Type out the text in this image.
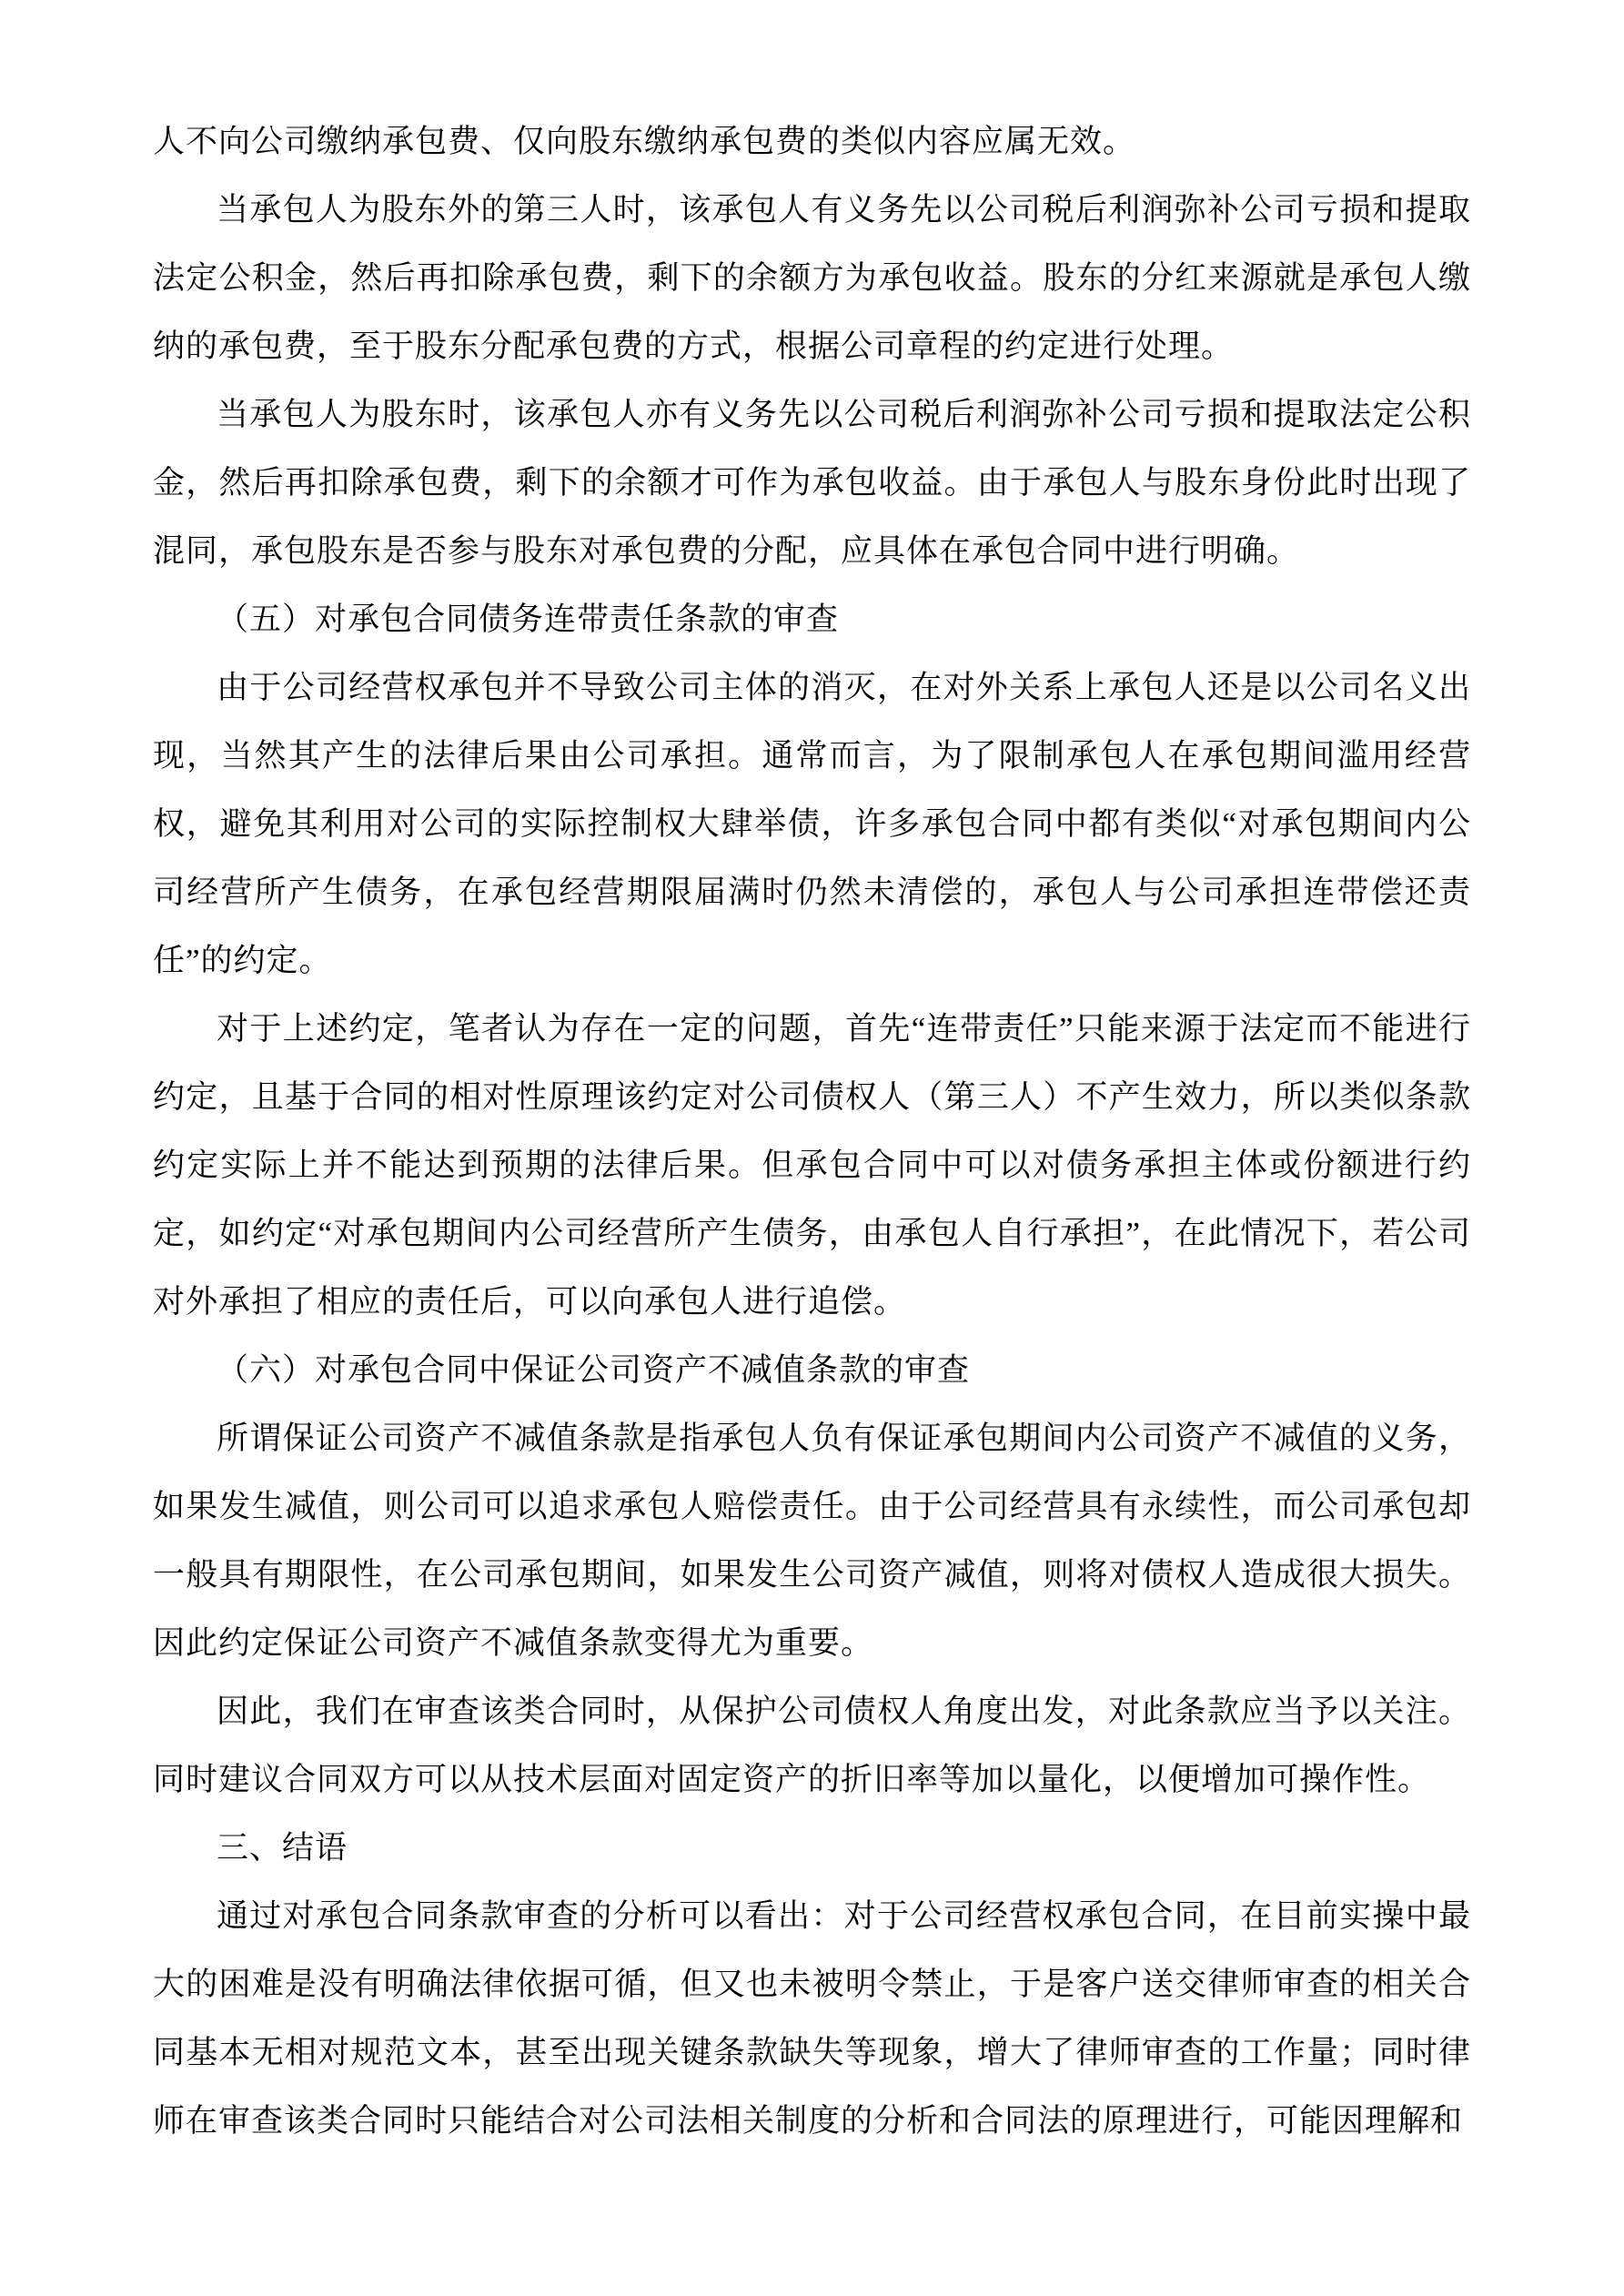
人不向公司缴纳承包费、仅向股东缴纳承包费的类似内容应属无效。

当承包人为股东外的第三人时，该承包人有义务先以公司税后利润弥补公司亏损和提取法定公积金，然后再扣除承包费，剩下的余额方为承包收益。股东的分红来源就是承包人缴纳的承包费，至于股东分配承包费的方式，根据公司章程的约定进行处理。

当承包人为股东时，该承包人亦有义务先以公司税后利润弥补公司亏损和提取法定公积金，然后再扣除承包费，剩下的余额才可作为承包收益。由于承包人与股东身份此时出现了混同，承包股东是否参与股东对承包费的分配，应具体在承包合同中进行明确。

（五）对承包合同债务连带责任条款的审查

由于公司经营权承包并不导致公司主体的消灭，在对外关系上承包人还是以公司名义出现，当然其产生的法律后果由公司承担。通常而言，为了限制承包人在承包期间滥用经营权，避免其利用对公司的实际控制权大肆举债，许多承包合同中都有类似“对承包期间内公司经营所产生债务，在承包经营期限届满时仍然未清偿的，承包人与公司承担连带偿还责任”的约定。

对于上述约定，笔者认为存在一定的问题，首先“连带责任”只能来源于法定而不能进行约定，且基于合同的相对性原理该约定对公司债权人（第三人）不产生效力，所以类似条款约定实际上并不能达到预期的法律后果。但承包合同中可以对债务承担主体或份额进行约定，如约定“对承包期间内公司经营所产生债务，由承包人自行承担”，在此情况下，若公司对外承担了相应的责任后，可以向承包人进行追偿。

（六）对承包合同中保证公司资产不减值条款的审查

所谓保证公司资产不减值条款是指承包人负有保证承包期间内公司资产不减值的义务，如果发生减值，则公司可以追求承包人赔偿责任。由于公司经营具有永续性，而公司承包却一般具有期限性，在公司承包期间，如果发生公司资产减值，则将对债权人造成很大损失。因此约定保证公司资产不减值条款变得尤为重要。

因此，我们在审查该类合同时，从保护公司债权人角度出发，对此条款应当予以关注。同时建议合同双方可以从技术层面对固定资产的折旧率等加以量化，以便增加可操作性。

三、结语

通过对承包合同条款审查的分析可以看出：对于公司经营权承包合同，在目前实操中最大的困难是没有明确法律依据可循，但又也未被明令禁止，于是客户送交律师审查的相关合同基本无相对规范文本，甚至出现关键条款缺失等现象，增大了律师审查的工作量；同时律师在审查该类合同时只能结合对公司法相关制度的分析和合同法的原理进行，可能因理解和
